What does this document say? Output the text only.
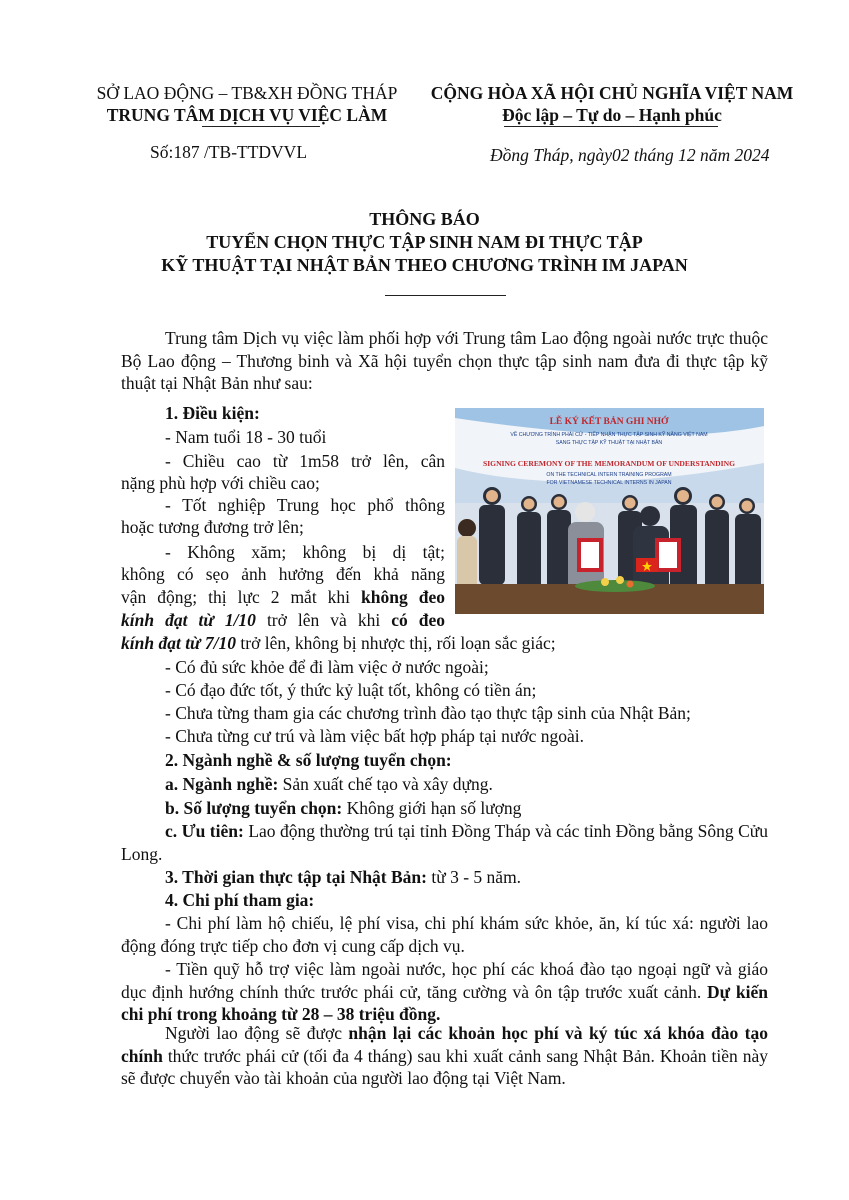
SỞ LAO ĐỘNG – TB&XH ĐỒNG THÁP
TRUNG TÂM DỊCH VỤ VIỆC LÀM
CỘNG HÒA XÃ HỘI CHỦ NGHĨA VIỆT NAM
Độc lập – Tự do – Hạnh phúc
Số:187 /TB-TTDVVL	Đồng Tháp, ngày02 tháng 12 năm 2024
THÔNG BÁO
TUYỂN CHỌN THỰC TẬP SINH NAM ĐI THỰC TẬP
KỸ THUẬT TẠI NHẬT BẢN THEO CHƯƠNG TRÌNH IM JAPAN
Trung tâm Dịch vụ việc làm phối hợp với Trung tâm Lao động ngoài nước trực thuộc Bộ Lao động – Thương binh và Xã hội tuyển chọn thực tập sinh nam đưa đi thực tập kỹ thuật tại Nhật Bản như sau:
LỄ KÝ KẾT BẢN GHI NHỚ
VỀ CHƯƠNG TRÌNH PHÁI CỬ - TIẾP NHẬN THỰC TẬP SINH KỸ NĂNG VIỆT NAM
SANG THỰC TẬP KỸ THUẬT TẠI NHẬT BẢN
SIGNING CEREMONY OF THE MEMORANDUM OF UNDERSTANDING
ON THE TECHNICAL INTERN TRAINING PROGRAM
FOR VIETNAMESE TECHNICAL INTERNS IN JAPAN
1. Điều kiện:
- Nam tuổi 18 - 30 tuổi
- Chiều cao từ 1m58 trở lên, cân
nặng phù hợp với chiều cao;
- Tốt nghiệp Trung học phổ thông
hoặc tương đương trở lên;
- Không xăm; không bị dị tật;
không có sẹo ảnh hưởng đến khả năng
vận động; thị lực 2 mắt khi không đeo
kính đạt từ 1/10 trở lên và khi có đeo
kính đạt từ 7/10 trở lên, không bị nhược thị, rối loạn sắc giác;
- Có đủ sức khỏe để đi làm việc ở nước ngoài;
- Có đạo đức tốt, ý thức kỷ luật tốt, không có tiền án;
- Chưa từng tham gia các chương trình đào tạo thực tập sinh của Nhật Bản;
- Chưa từng cư trú và làm việc bất hợp pháp tại nước ngoài.
2. Ngành nghề & số lượng tuyển chọn:
a. Ngành nghề: Sản xuất chế tạo và xây dựng.
b. Số lượng tuyển chọn: Không giới hạn số lượng
c. Ưu tiên: Lao động thường trú tại tỉnh Đồng Tháp và các tỉnh Đồng bằng Sông Cửu Long.
3. Thời gian thực tập tại Nhật Bản: từ 3 - 5 năm.
4. Chi phí tham gia:
- Chi phí làm hộ chiếu, lệ phí visa, chi phí khám sức khỏe, ăn, kí túc xá: người lao động đóng trực tiếp cho đơn vị cung cấp dịch vụ.
- Tiền quỹ hỗ trợ việc làm ngoài nước, học phí các khoá đào tạo ngoại ngữ và giáo dục định hướng chính thức trước phái cử, tăng cường và ôn tập trước xuất cảnh. Dự kiến chi phí trong khoảng từ 28 – 38 triệu đồng.
Người lao động sẽ được nhận lại các khoản học phí và ký túc xá khóa đào tạo chính thức trước phái cử (tối đa 4 tháng) sau khi xuất cảnh sang Nhật Bản. Khoản tiền này sẽ được chuyển vào tài khoản của người lao động tại Việt Nam.
